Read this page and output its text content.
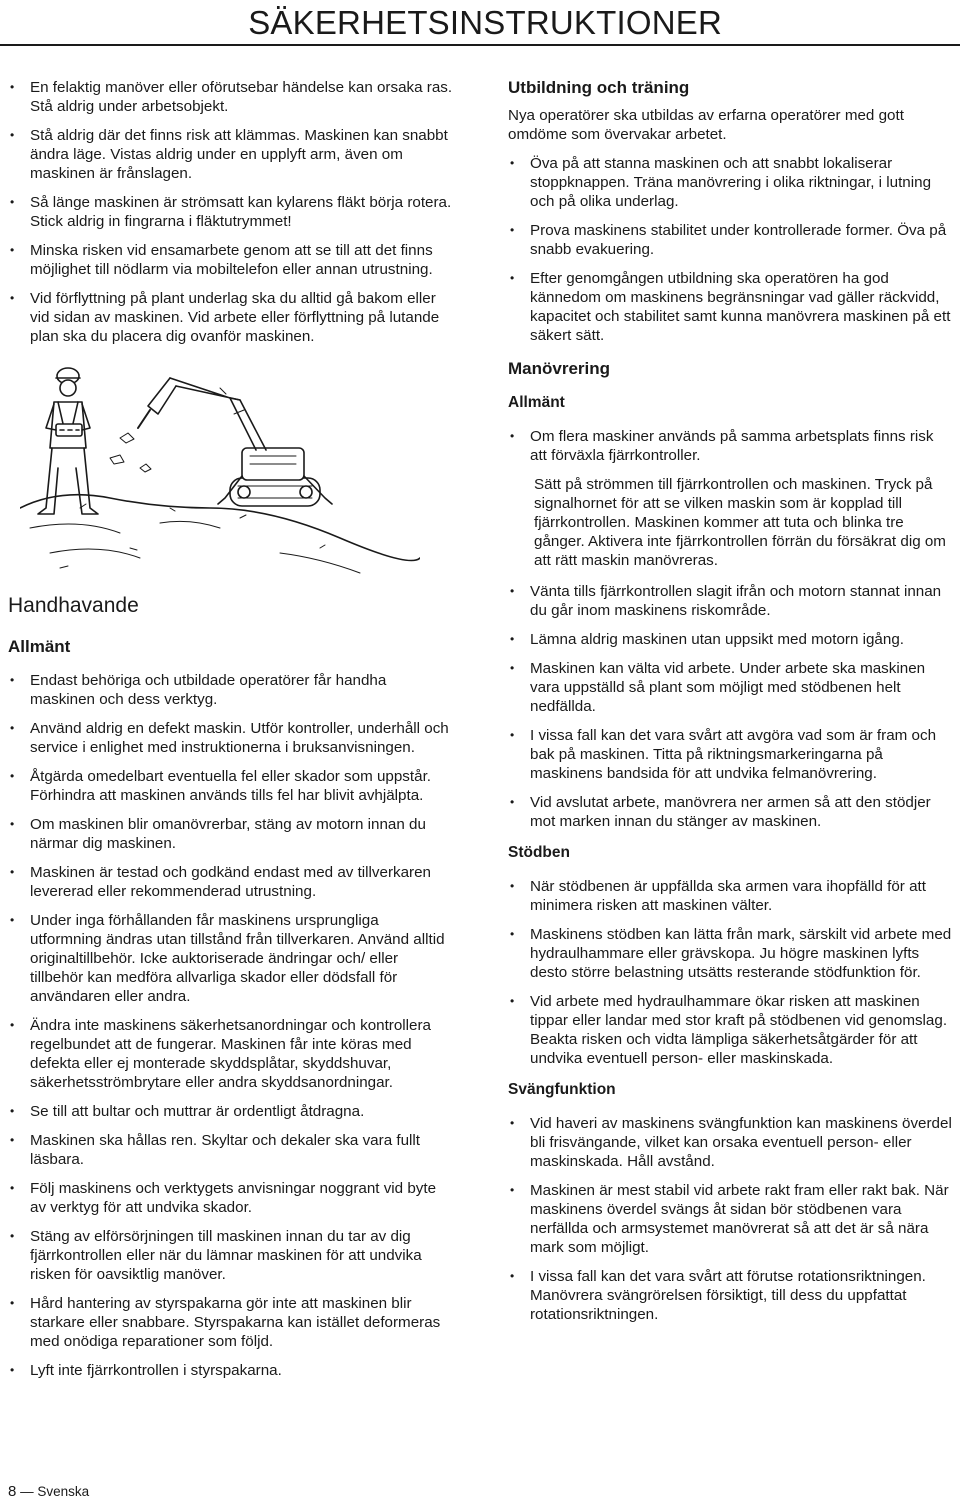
SÄKERHETSINSTRUKTIONER
• En felaktig manöver eller oförutsebar händelse kan orsaka ras. Stå aldrig under arbetsobjekt.
• Stå aldrig där det finns risk att klämmas. Maskinen kan snabbt ändra läge. Vistas aldrig under en upplyft arm, även om maskinen är frånslagen.
• Så länge maskinen är strömsatt kan kylarens fläkt börja rotera. Stick aldrig in fingrarna i fläktutrymmet!
• Minska risken vid ensamarbete genom att se till att det finns möjlighet till nödlarm via mobiltelefon eller annan utrustning.
• Vid förflyttning på plant underlag ska du alltid gå bakom eller vid sidan av maskinen. Vid arbete eller förflyttning på lutande plan ska du placera dig ovanför maskinen.
Handhavande
Allmänt
• Endast behöriga och utbildade operatörer får handha maskinen och dess verktyg.
• Använd aldrig en defekt maskin. Utför kontroller, underhåll och service i enlighet med instruktionerna i bruksanvisningen.
• Åtgärda omedelbart eventuella fel eller skador som uppstår. Förhindra att maskinen används tills fel har blivit avhjälpta.
• Om maskinen blir omanövrerbar, stäng av motorn innan du närmar dig maskinen.
• Maskinen är testad och godkänd endast med av tillverkaren levererad eller rekommenderad utrustning.
• Under inga förhållanden får maskinens ursprungliga utformning ändras utan tillstånd från tillverkaren. Använd alltid originaltillbehör. Icke auktoriserade ändringar och/ eller tillbehör kan medföra allvarliga skador eller dödsfall för användaren eller andra.
• Ändra inte maskinens säkerhetsanordningar och kontrollera regelbundet att de fungerar. Maskinen får inte köras med defekta eller ej monterade skyddsplåtar, skyddshuvar, säkerhetsströmbrytare eller andra skyddsanordningar.
• Se till att bultar och muttrar är ordentligt åtdragna.
• Maskinen ska hållas ren. Skyltar och dekaler ska vara fullt läsbara.
• Följ maskinens och verktygets anvisningar noggrant vid byte av verktyg för att undvika skador.
• Stäng av elförsörjningen till maskinen innan du tar av dig fjärrkontrollen eller när du lämnar maskinen för att undvika risken för oavsiktlig manöver.
• Hård hantering av styrspakarna gör inte att maskinen blir starkare eller snabbare. Styrspakarna kan istället deformeras med onödiga reparationer som följd.
• Lyft inte fjärrkontrollen i styrspakarna.
Utbildning och träning

Nya operatörer ska utbildas av erfarna operatörer med gott omdöme som övervakar arbetet.

• Öva på att stanna maskinen och att snabbt lokaliserar stoppknappen. Träna manövrering i olika riktningar, i lutning och på olika underlag.
• Prova maskinens stabilitet under kontrollerade former. Öva på snabb evakuering.
• Efter genomgången utbildning ska operatören ha god kännedom om maskinens begränsningar vad gäller räckvidd, kapacitet och stabilitet samt kunna manövrera maskinen på ett säkert sätt.
Manövrering
Allmänt
• Om flera maskiner används på samma arbetsplats finns risk att förväxla fjärrkontroller.

Sätt på strömmen till fjärrkontrollen och maskinen. Tryck på signalhornet för att se vilken maskin som är kopplad till fjärrkontrollen. Maskinen kommer att tuta och blinka tre gånger. Aktivera inte fjärrkontrollen förrän du försäkrat dig om att rätt maskin manövreras.

• Vänta tills fjärrkontrollen slagit ifrån och motorn stannat innan du går inom maskinens riskområde.
• Lämna aldrig maskinen utan uppsikt med motorn igång.
• Maskinen kan välta vid arbete. Under arbete ska maskinen vara uppställd så plant som möjligt med stödbenen helt nedfällda.
• I vissa fall kan det vara svårt att avgöra vad som är fram och bak på maskinen. Titta på riktningsmarkeringarna på maskinens bandsida för att undvika felmanövrering.
• Vid avslutat arbete, manövrera ner armen så att den stödjer mot marken innan du stänger av maskinen.
Stödben
• När stödbenen är uppfällda ska armen vara ihopfälld för att minimera risken att maskinen välter.
• Maskinens stödben kan lätta från mark, särskilt vid arbete med hydraulhammare eller grävskopa. Ju högre maskinen lyfts desto större belastning utsätts resterande stödfunktion för.
• Vid arbete med hydraulhammare ökar risken att maskinen tippar eller landar med stor kraft på stödbenen vid genomslag. Beakta risken och vidta lämpliga säkerhetsåtgärder för att undvika eventuell person- eller maskinskada.
Svängfunktion
• Vid haveri av maskinens svängfunktion kan maskinens överdel bli frisvängande, vilket kan orsaka eventuell person- eller maskinskada. Håll avstånd.
• Maskinen är mest stabil vid arbete rakt fram eller rakt bak. När maskinens överdel svängs åt sidan bör stödbenen vara nerfällda och armsystemet manövrerat så att det är så nära mark som möjligt.
• I vissa fall kan det vara svårt att förutse rotationsriktningen. Manövrera svängrörelsen försiktigt, till dess du uppfattat rotationsriktningen.
8 — Svenska
